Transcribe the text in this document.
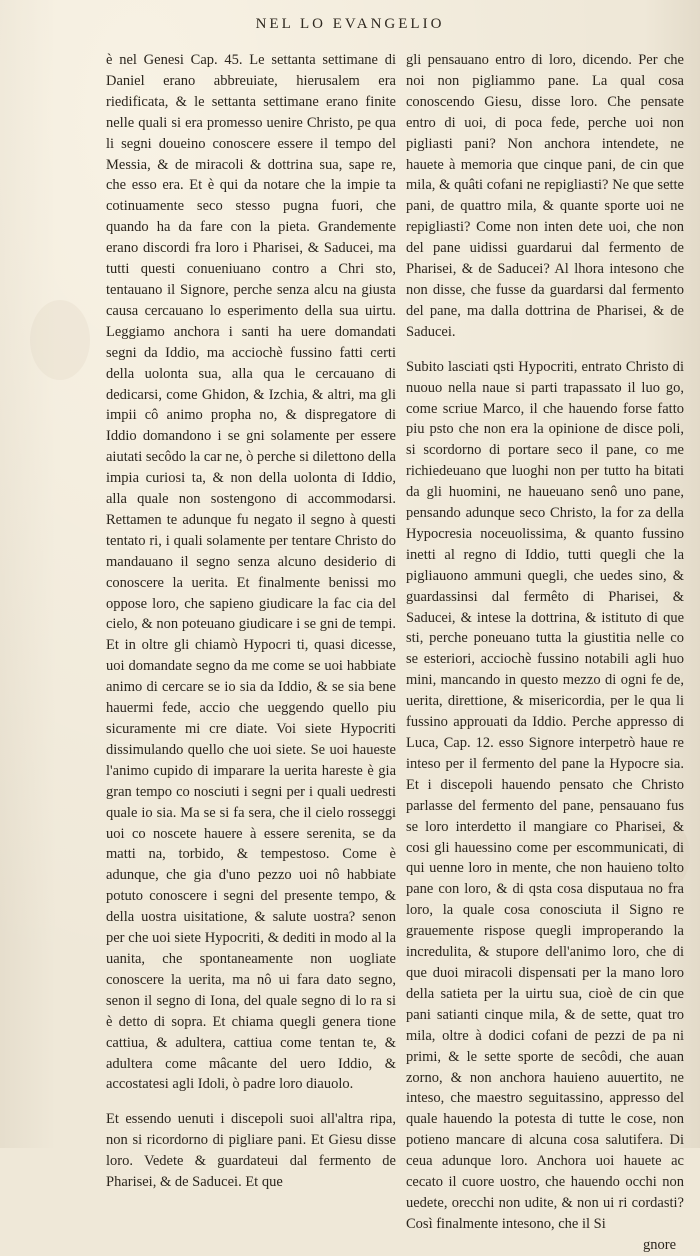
NEL LO EVANGELIO

è nel Genesi Cap. 45. Le settanta settimane di Daniel erano abbreuiate, hierusalem era riedificata, & le settanta settimane erano finite nelle quali si era promesso uenire Christo, pe qua li segni doueino conoscere essere il tempo del Messia, & de miracoli & dottrina sua, sape re, che esso era. Et è qui da notare che la impie ta cotinuamente seco stesso pugna fuori, che quando ha da fare con la pieta. Grandemente erano discordi fra loro i Pharisei, & Saducei, ma tutti questi conueniuano contro a Chri sto, tentauano il Signore, perche senza alcu na giusta causa cercauano lo esperimento della sua uirtu. Leggiamo anchora i santi ha uere domandati segni da Iddio, ma acciochè fussino fatti certi della uolonta sua, alla qua le cercauano di dedicarsi, come Ghidon, & Izchia, & altri, ma gli impii cô animo propha no, & dispregatore di Iddio domandono i se gni solamente per essere aiutati secôdo la car ne, ò perche si dilettono della impia curiosi ta, & non della uolonta di Iddio, alla quale non sostengono di accommodarsi. Rettamen te adunque fu negato il segno à questi tentato ri, i quali solamente per tentare Christo do mandauano il segno senza alcuno desiderio di conoscere la uerita. Et finalmente benissi mo oppose loro, che sapieno giudicare la fac cia del cielo, & non poteuano giudicare i se gni de tempi. Et in oltre gli chiamò Hypocri ti, quasi dicesse, uoi domandate segno da me come se uoi habbiate animo di cercare se io sia da Iddio, & se sia bene hauermi fede, accio che ueggendo quello piu sicuramente mi cre diate. Voi siete Hypocriti dissimulando quello che uoi siete. Se uoi haueste l'animo cupido di imparare la uerita hareste è gia gran tempo co nosciuti i segni per i quali uedresti quale io sia. Ma se si fa sera, che il cielo rosseggi uoi co noscete hauere à essere serenita, se da matti na, torbido, & tempestoso. Come è adunque, che gia d'uno pezzo uoi nô habbiate potuto conoscere i segni del presente tempo, & della uostra uisitatione, & salute uostra? senon per che uoi siete Hypocriti, & dediti in modo al la uanita, che spontaneamente non uogliate conoscere la uerita, ma nô ui fara dato segno, senon il segno di Iona, del quale segno di lo ra si è detto di sopra. Et chiama quegli genera tione cattiua, & adultera, cattiua come tentan te, & adultera come mâcante del uero Iddio, & accostatesi agli Idoli, ò padre loro diauolo.

Et essendo uenuti i discepoli suoi all'altra ripa, non si ricordorno di pigliare pani. Et Giesu disse loro. Vedete & guardateui dal fermento de Pharisei, & de Saducei. Et que

gli pensauano entro di loro, dicendo. Per che noi non pigliammo pane. La qual cosa conoscendo Giesu, disse loro. Che pensate entro di uoi, di poca fede, perche uoi non pigliasti pani? Non anchora intendete, ne hauete à memoria que cinque pani, de cin que mila, & quâti cofani ne repigliasti? Ne que sette pani, de quattro mila, & quante sporte uoi ne repigliasti? Come non inten dete uoi, che non del pane uidissi guardarui dal fermento de Pharisei, & de Saducei? Al lhora intesono che non disse, che fusse da guardarsi dal fermento del pane, ma dalla dottrina de Pharisei, & de Saducei.

Subito lasciati qsti Hypocriti, entrato Christo di nuouo nella naue si parti trapassato il luo go, come scriue Marco, il che hauendo forse fatto piu psto che non era la opinione de disce poli, si scordorno di portare seco il pane, co me richiedeuano que luoghi non per tutto ha bitati da gli huomini, ne haueuano senô uno pane, pensando adunque seco Christo, la for za della Hypocresia noceuolissima, & quanto fussino inetti al regno di Iddio, tutti quegli che la pigliauono ammuni quegli, che uedes sino, & guardassinsi dal fermêto di Pharisei, & Saducei, & intese la dottrina, & istituto di que sti, perche poneuano tutta la giustitia nelle co se esteriori, acciochè fussino notabili agli huo mini, mancando in questo mezzo di ogni fe de, uerita, direttione, & misericordia, per le qua li fussino approuati da Iddio. Perche appresso di Luca, Cap. 12. esso Signore interpetrò haue re inteso per il fermento del pane la Hypocre sia. Et i discepoli hauendo pensato che Christo parlasse del fermento del pane, pensauano fus se loro interdetto il mangiare co Pharisei, & cosi gli hauessino come per escommunicati, di qui uenne loro in mente, che non hauieno tolto pane con loro, & di qsta cosa disputaua no fra loro, la quale cosa conosciuta il Signo re grauemente rispose quegli improperando la incredulita, & stupore dell'animo loro, che di que duoi miracoli dispensati per la mano loro della satieta per la uirtu sua, cioè de cin que pani satianti cinque mila, & de sette, quat tro mila, oltre à dodici cofani de pezzi de pa ni primi, & le sette sporte de secôdi, che auan zorno, & non anchora hauieno auuertito, ne inteso, che maestro seguitassino, appresso del quale hauendo la potesta di tutte le cose, non potieno mancare di alcuna cosa salutifera. Di ceua adunque loro. Anchora uoi hauete ac cecato il cuore uostro, che hauendo occhi non uedete, orecchi non udite, & non ui ri cordasti? Così finalmente intesono, che il Si

gnore
